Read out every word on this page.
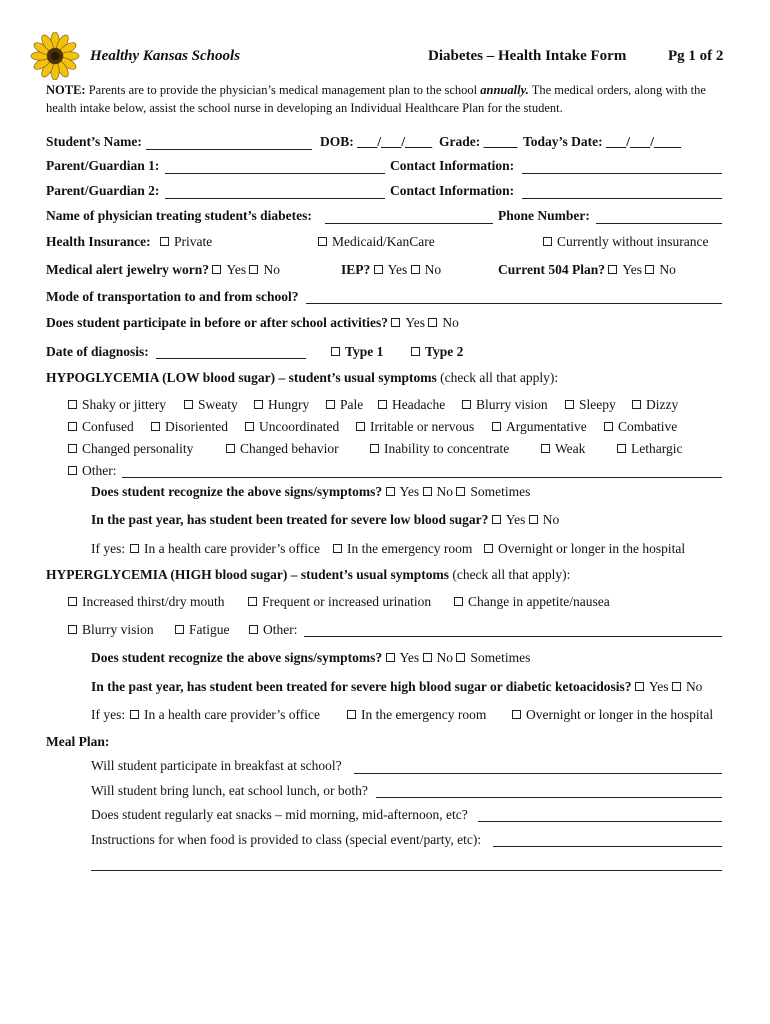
Healthy Kansas Schools	Diabetes – Health Intake Form	Pg 1 of 2
NOTE: Parents are to provide the physician’s medical management plan to the school annually. The medical orders, along with the health intake below, assist the school nurse in developing an Individual Healthcare Plan for the student.
Student’s Name:	DOB: ___/___/____ Grade: _____ Today’s Date: ___/___/____
Parent/Guardian 1:	Contact Information:
Parent/Guardian 2:	Contact Information:
Name of physician treating student’s diabetes:	Phone Number:
Health Insurance:	Private	Medicaid/KanCare	Currently without insurance
Medical alert jewelry worn? Yes No	IEP? Yes No	Current 504 Plan? Yes No
Mode of transportation to and from school?
Does student participate in before or after school activities? Yes No
Date of diagnosis:	Type 1	Type 2
HYPOGLYCEMIA (LOW blood sugar) – student’s usual symptoms (check all that apply):
Shaky or jittery	Sweaty	Hungry	Pale	Headache	Blurry vision	Sleepy	Dizzy
Confused	Disoriented	Uncoordinated	Irritable or nervous	Argumentative	Combative
Changed personality	Changed behavior	Inability to concentrate	Weak	Lethargic
Other:
Does student recognize the above signs/symptoms? Yes No Sometimes
In the past year, has student been treated for severe low blood sugar? Yes No
If yes:	In a health care provider’s office	In the emergency room	Overnight or longer in the hospital
HYPERGLYCEMIA (HIGH blood sugar) – student’s usual symptoms (check all that apply):
Increased thirst/dry mouth	Frequent or increased urination	Change in appetite/nausea
Blurry vision	Fatigue	Other:
Does student recognize the above signs/symptoms? Yes No Sometimes
In the past year, has student been treated for severe high blood sugar or diabetic ketoacidosis? Yes No
If yes:	In a health care provider’s office	In the emergency room	Overnight or longer in the hospital
Meal Plan:
Will student participate in breakfast at school?
Will student bring lunch, eat school lunch, or both?
Does student regularly eat snacks – mid morning, mid-afternoon, etc?
Instructions for when food is provided to class (special event/party, etc):
